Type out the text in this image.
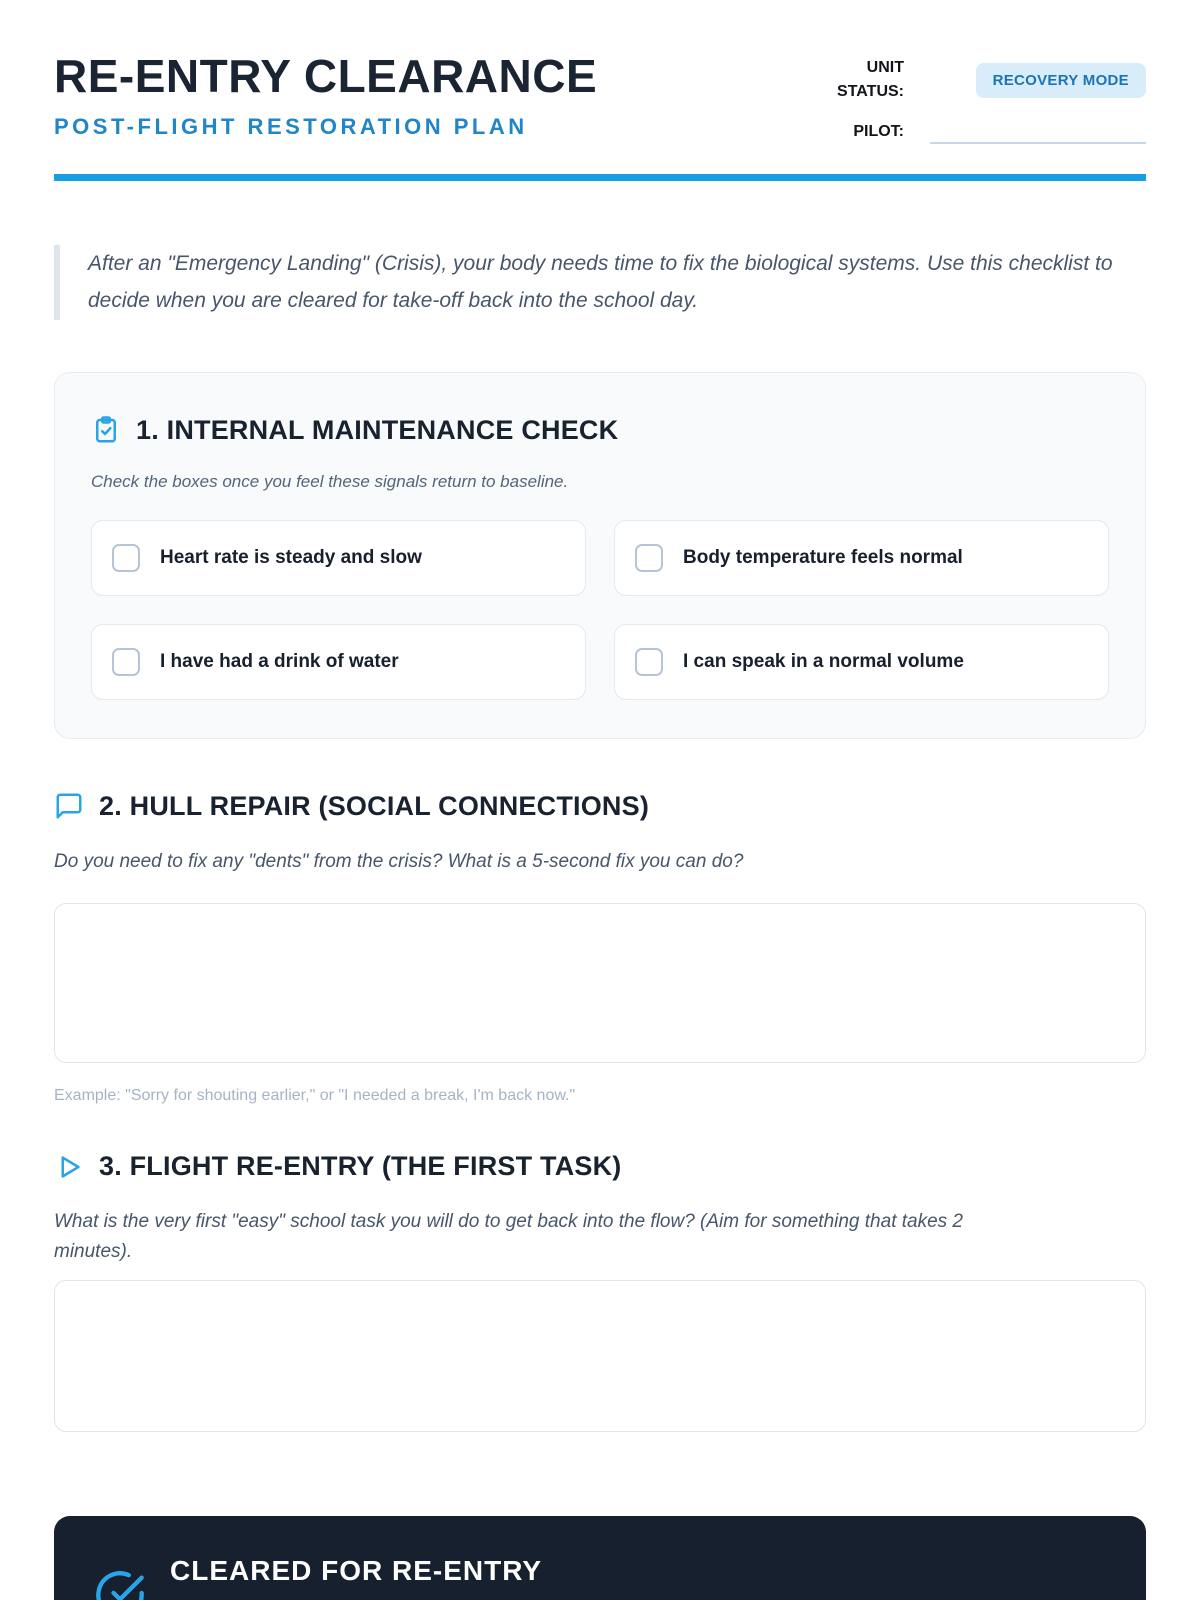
RE-ENTRY CLEARANCE
POST-FLIGHT RESTORATION PLAN
UNIT STATUS:
RECOVERY MODE
PILOT:
After an "Emergency Landing" (Crisis), your body needs time to fix the biological systems. Use this checklist to decide when you are cleared for take-off back into the school day.
1. INTERNAL MAINTENANCE CHECK

Check the boxes once you feel these signals return to baseline.

Heart rate is steady and slow	Body temperature feels normal
I have had a drink of water	I can speak in a normal volume
2. HULL REPAIR (SOCIAL CONNECTIONS)

Do you need to fix any "dents" from the crisis? What is a 5-second fix you can do?

Example: "Sorry for shouting earlier," or "I needed a break, I'm back now."

3. FLIGHT RE-ENTRY (THE FIRST TASK)

What is the very first "easy" school task you will do to get back into the flow? (Aim for something that takes 2 minutes).

CLEARED FOR RE-ENTRY
